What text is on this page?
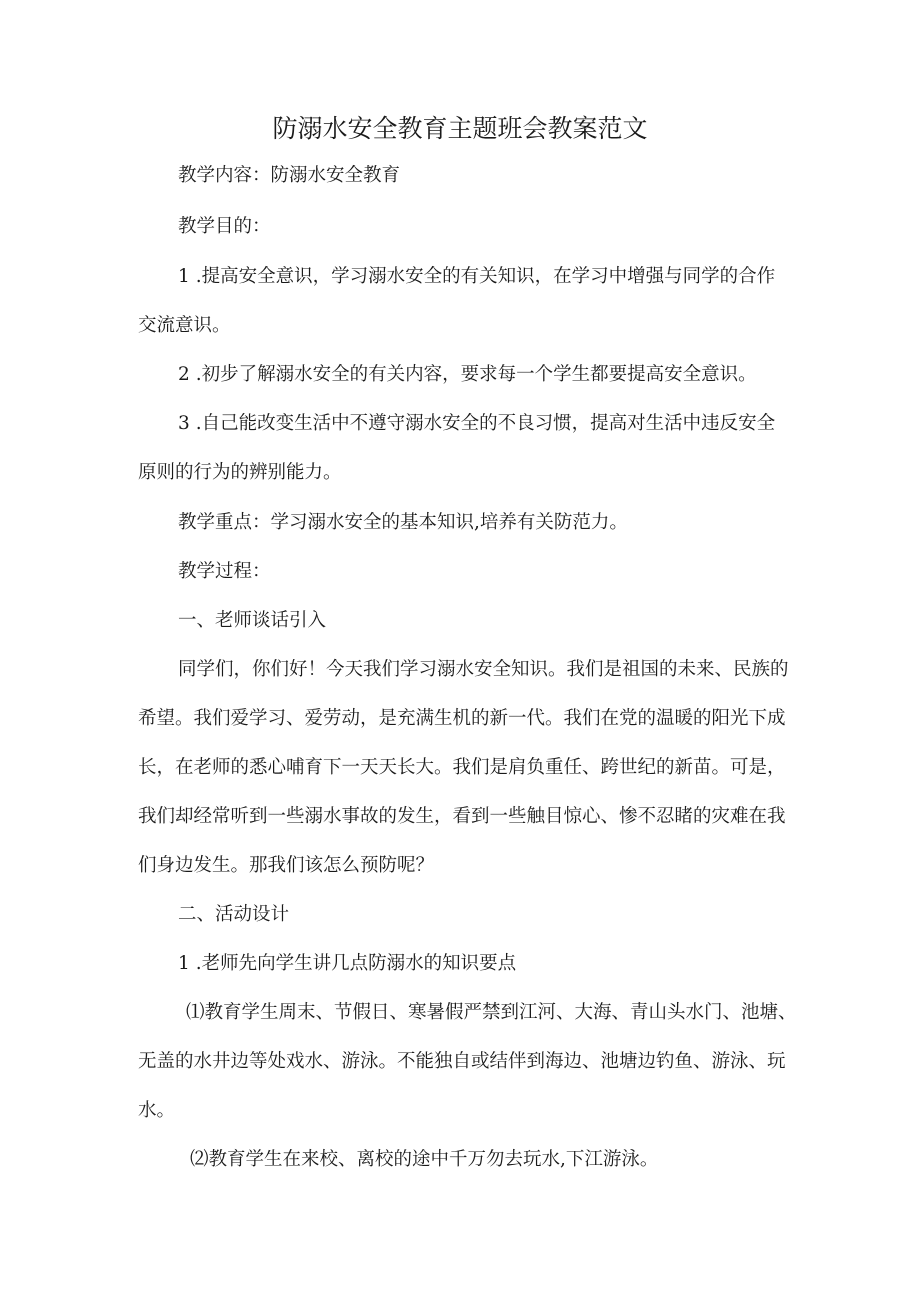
防溺水安全教育主题班会教案范文
教学内容：防溺水安全教育
教学目的：
1 .提高安全意识，学习溺水安全的有关知识，在学习中增强与同学的合作
交流意识。
2 .初步了解溺水安全的有关内容，要求每一个学生都要提高安全意识。
3 .自己能改变生活中不遵守溺水安全的不良习惯，提高对生活中违反安全
原则的行为的辨别能力。
教学重点：学习溺水安全的基本知识,培养有关防范力。
教学过程：
一、老师谈话引入
同学们，你们好！今天我们学习溺水安全知识。我们是祖国的未来、民族的
希望。我们爱学习、爱劳动，是充满生机的新一代。我们在党的温暖的阳光下成
长，在老师的悉心哺育下一天天长大。我们是肩负重任、跨世纪的新苗。可是，
我们却经常听到一些溺水事故的发生，看到一些触目惊心、惨不忍睹的灾难在我
们身边发生。那我们该怎么预防呢？
二、活动设计
1 .老师先向学生讲几点防溺水的知识要点
⑴教育学生周末、节假日、寒暑假严禁到江河、大海、青山头水门、池塘、
无盖的水井边等处戏水、游泳。不能独自或结伴到海边、池塘边钓鱼、游泳、玩
水。
⑵教育学生在来校、离校的途中千万勿去玩水,下江游泳。
